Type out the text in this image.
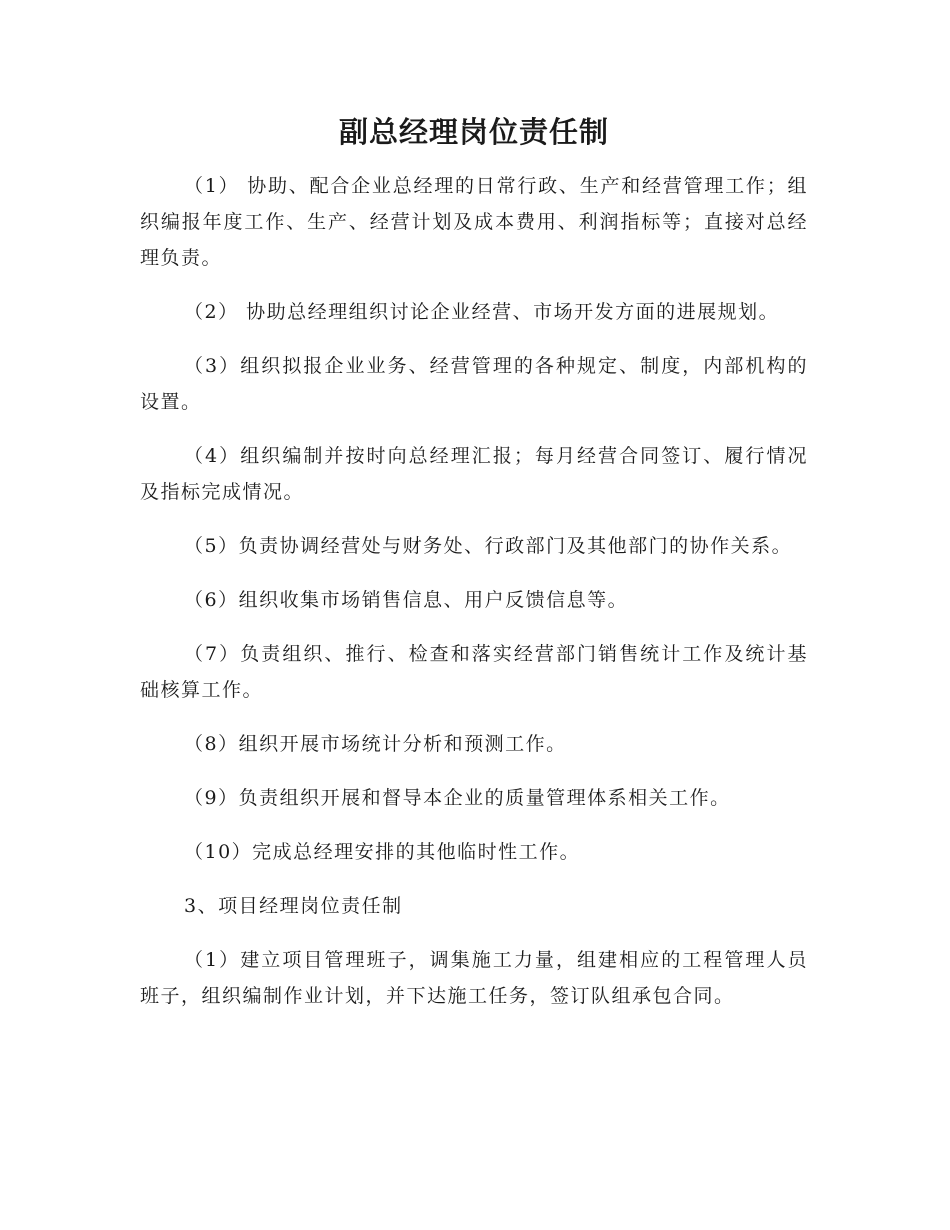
副总经理岗位责任制

（1） 协助、配合企业总经理的日常行政、生产和经营管理工作；组织编报年度工作、生产、经营计划及成本费用、利润指标等；直接对总经理负责。

（2） 协助总经理组织讨论企业经营、市场开发方面的进展规划。

（3）组织拟报企业业务、经营管理的各种规定、制度，内部机构的设置。

（4）组织编制并按时向总经理汇报；每月经营合同签订、履行情况及指标完成情况。

（5）负责协调经营处与财务处、行政部门及其他部门的协作关系。

（6）组织收集市场销售信息、用户反馈信息等。

（7）负责组织、推行、检查和落实经营部门销售统计工作及统计基础核算工作。

（8）组织开展市场统计分析和预测工作。

（9）负责组织开展和督导本企业的质量管理体系相关工作。

（10）完成总经理安排的其他临时性工作。

3、项目经理岗位责任制

（1）建立项目管理班子，调集施工力量，组建相应的工程管理人员班子，组织编制作业计划，并下达施工任务，签订队组承包合同。
